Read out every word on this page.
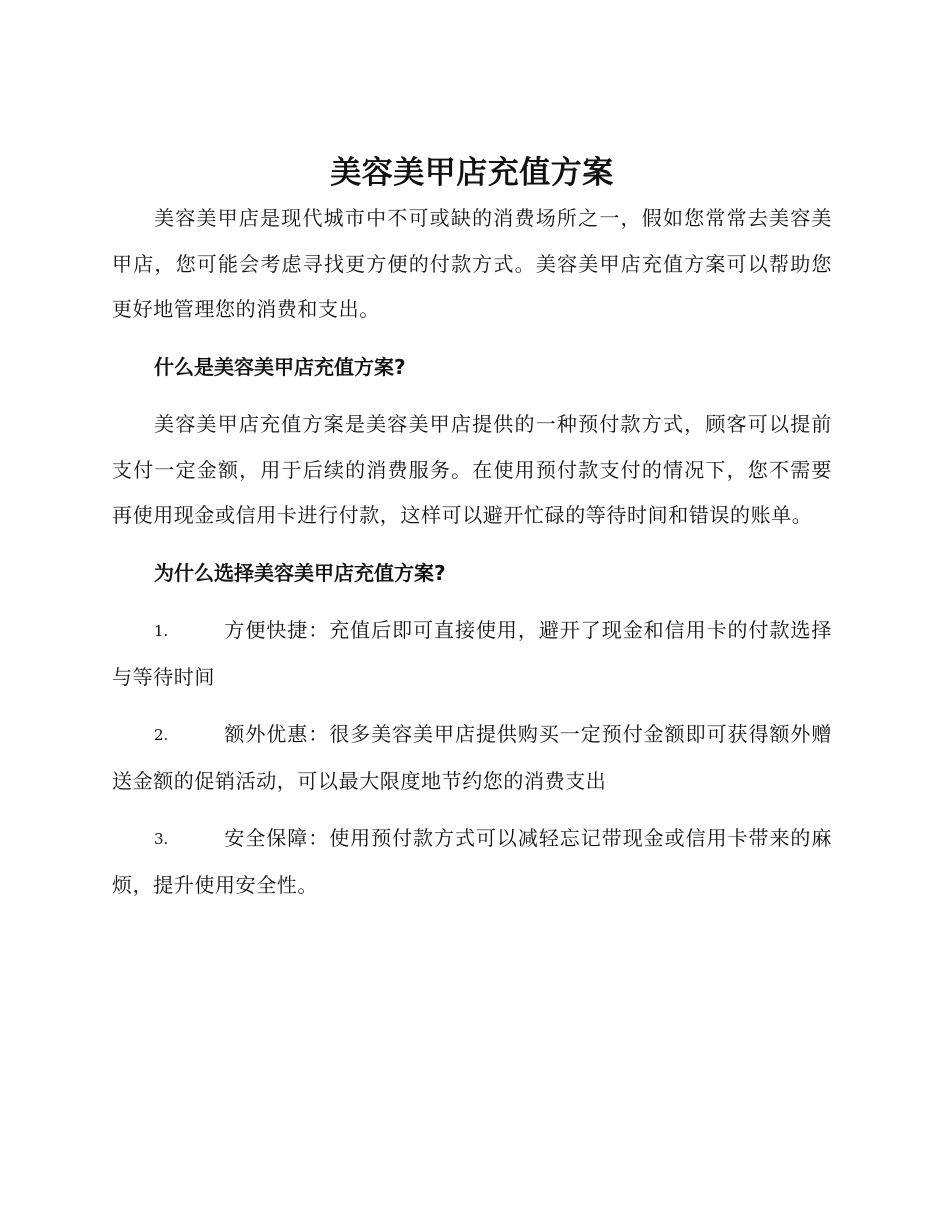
美容美甲店充值方案

美容美甲店是现代城市中不可或缺的消费场所之一，假如您常常去美容美甲店，您可能会考虑寻找更方便的付款方式。美容美甲店充值方案可以帮助您更好地管理您的消费和支出。

什么是美容美甲店充值方案?

美容美甲店充值方案是美容美甲店提供的一种预付款方式，顾客可以提前支付一定金额，用于后续的消费服务。在使用预付款支付的情况下，您不需要再使用现金或信用卡进行付款，这样可以避开忙碌的等待时间和错误的账单。

为什么选择美容美甲店充值方案?
1.	方便快捷：充值后即可直接使用，避开了现金和信用卡的付款选择与等待时间
2.	额外优惠：很多美容美甲店提供购买一定预付金额即可获得额外赠送金额的促销活动，可以最大限度地节约您的消费支出
3.	安全保障：使用预付款方式可以减轻忘记带现金或信用卡带来的麻烦，提升使用安全性。
